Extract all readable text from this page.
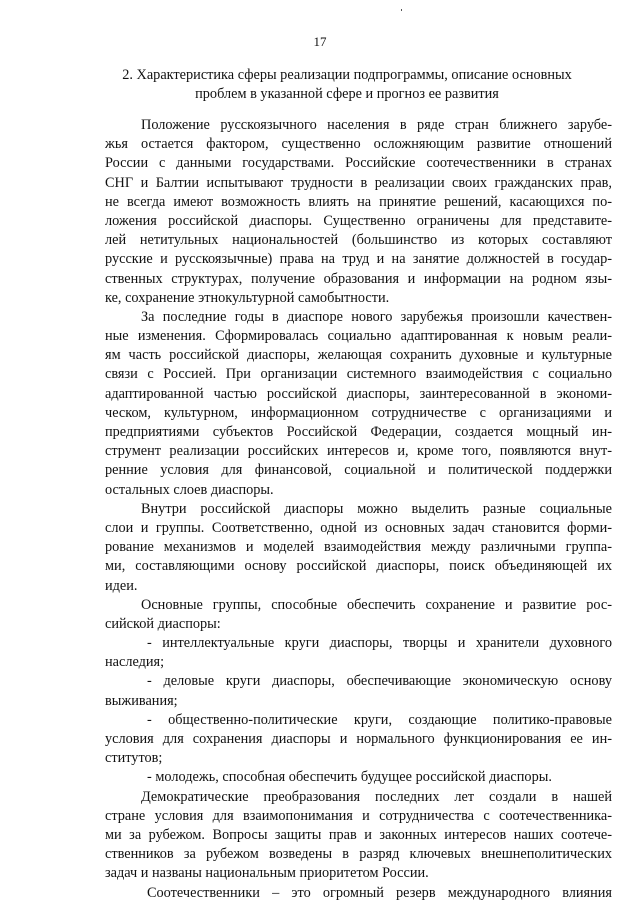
17
2. Характеристика сферы реализации подпрограммы, описание основных
проблем в указанной сфере и прогноз ее развития
Положение русскоязычного населения в ряде стран ближнего зарубе-
жья остается фактором, существенно осложняющим развитие отношений
России с данными государствами. Российские соотечественники в странах
СНГ и Балтии испытывают трудности в реализации своих гражданских прав,
не всегда имеют возможность влиять на принятие решений, касающихся по-
ложения российской диаспоры. Существенно ограничены для представите-
лей нетитульных национальностей (большинство из которых составляют
русские и русскоязычные) права на труд и на занятие должностей в государ-
ственных структурах, получение образования и информации на родном язы-
ке, сохранение этнокультурной самобытности.
За последние годы в диаспоре нового зарубежья произошли качествен-
ные изменения. Сформировалась социально адаптированная к новым реали-
ям часть российской диаспоры, желающая сохранить духовные и культурные
связи с Россией. При организации системного взаимодействия с социально
адаптированной частью российской диаспоры, заинтересованной в экономи-
ческом, культурном, информационном сотрудничестве с организациями и
предприятиями субъектов Российской Федерации, создается мощный ин-
струмент реализации российских интересов и, кроме того, появляются внут-
ренние условия для финансовой, социальной и политической поддержки
остальных слоев диаспоры.
Внутри российской диаспоры можно выделить разные социальные
слои и группы. Соответственно, одной из основных задач становится форми-
рование механизмов и моделей взаимодействия между различными группа-
ми, составляющими основу российской диаспоры, поиск объединяющей их
идеи.
Основные группы, способные обеспечить сохранение и развитие рос-
сийской диаспоры:
- интеллектуальные круги диаспоры, творцы и хранители духовного
наследия;
- деловые круги диаспоры, обеспечивающие экономическую основу
выживания;
- общественно-политические круги, создающие политико-правовые
условия для сохранения диаспоры и нормального функционирования ее ин-
ститутов;
- молодежь, способная обеспечить будущее российской диаспоры.
Демократические преобразования последних лет создали в нашей
стране условия для взаимопонимания и сотрудничества с соотечественника-
ми за рубежом. Вопросы защиты прав и законных интересов наших соотече-
ственников за рубежом возведены в разряд ключевых внешнеполитических
задач и названы национальным приоритетом России.
Соотечественники – это огромный резерв международного влияния
